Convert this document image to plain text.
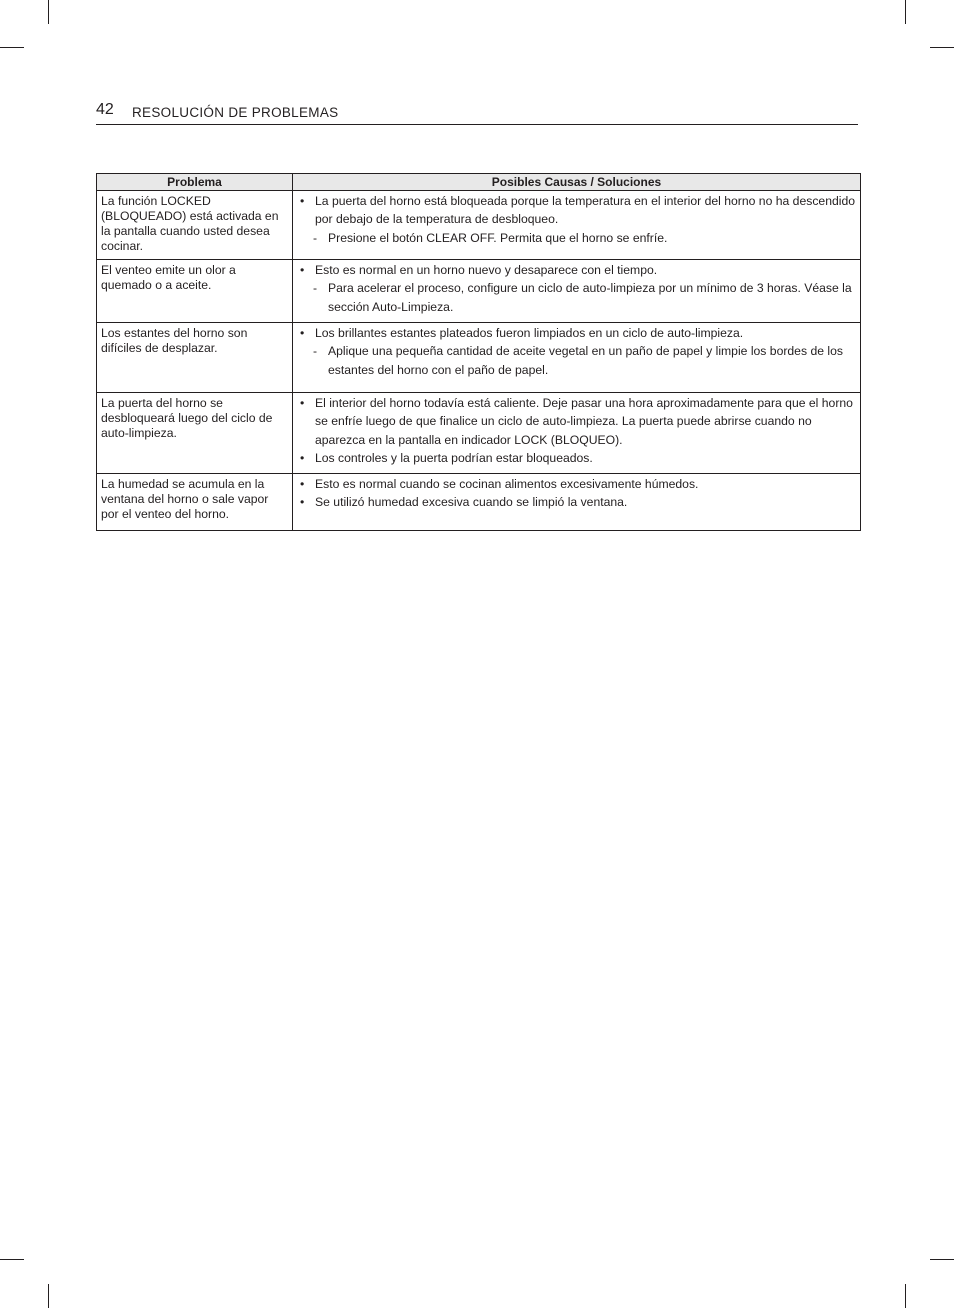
42 RESOLUCIÓN DE PROBLEMAS
Problema	Posibles Causas / Soluciones
La función LOCKED (BLOQUEADO) está activada en la pantalla cuando usted desea cocinar.	• La puerta del horno está bloqueada porque la temperatura en el interior del horno no ha descendido por debajo de la temperatura de desbloqueo.
- Presione el botón CLEAR OFF. Permita que el horno se enfríe.

El venteo emite un olor a quemado o a aceite.	• Esto es normal en un horno nuevo y desaparece con el tiempo.
- Para acelerar el proceso, configure un ciclo de auto-limpieza por un mínimo de 3 horas. Véase la sección Auto-Limpieza.

Los estantes del horno son difíciles de desplazar.	• Los brillantes estantes plateados fueron limpiados en un ciclo de auto-limpieza.
- Aplique una pequeña cantidad de aceite vegetal en un paño de papel y limpie los bordes de los estantes del horno con el paño de papel.

La puerta del horno se desbloqueará luego del ciclo de auto-limpieza.	• El interior del horno todavía está caliente. Deje pasar una hora aproximadamente para que el horno se enfríe luego de que finalice un ciclo de auto-limpieza. La puerta puede abrirse cuando no aparezca en la pantalla en indicador LOCK (BLOQUEO).
• Los controles y la puerta podrían estar bloqueados.

La humedad se acumula en la ventana del horno o sale vapor por el venteo del horno.	• Esto es normal cuando se cocinan alimentos excesivamente húmedos.
• Se utilizó humedad excesiva cuando se limpió la ventana.
